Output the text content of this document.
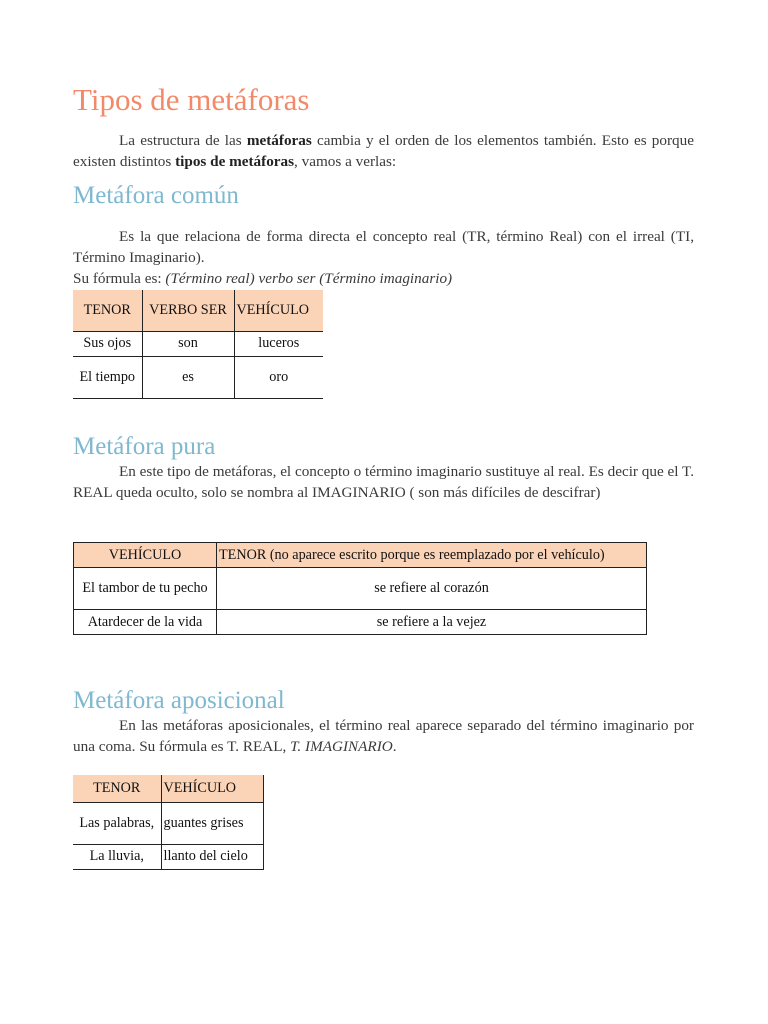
Tipos de metáforas

La estructura de las metáforas cambia y el orden de los elementos también. Esto es porque existen distintos tipos de metáforas, vamos a verlas:

Metáfora común

Es la que relaciona de forma directa el concepto real (TR, término Real) con el irreal (TI, Término Imaginario).

Su fórmula es: (Término real) verbo ser (Término imaginario)
TENOR	VERBO SER	VEHÍCULO
Sus ojos	son	luceros
El tiempo	es	oro
Metáfora pura

En este tipo de metáforas, el concepto o término imaginario sustituye al real. Es decir que el T. REAL queda oculto, solo se nombra al IMAGINARIO ( son más difíciles de descifrar)

VEHÍCULO	TENOR (no aparece escrito porque es reemplazado por el vehículo)
El tambor de tu pecho	se refiere al corazón
Atardecer de la vida	se refiere a la vejez
Metáfora aposicional

En las metáforas aposicionales, el término real aparece separado del término imaginario por una coma. Su fórmula es T. REAL, T. IMAGINARIO.

TENOR	VEHÍCULO
Las palabras,	guantes grises
La lluvia,	llanto del cielo
